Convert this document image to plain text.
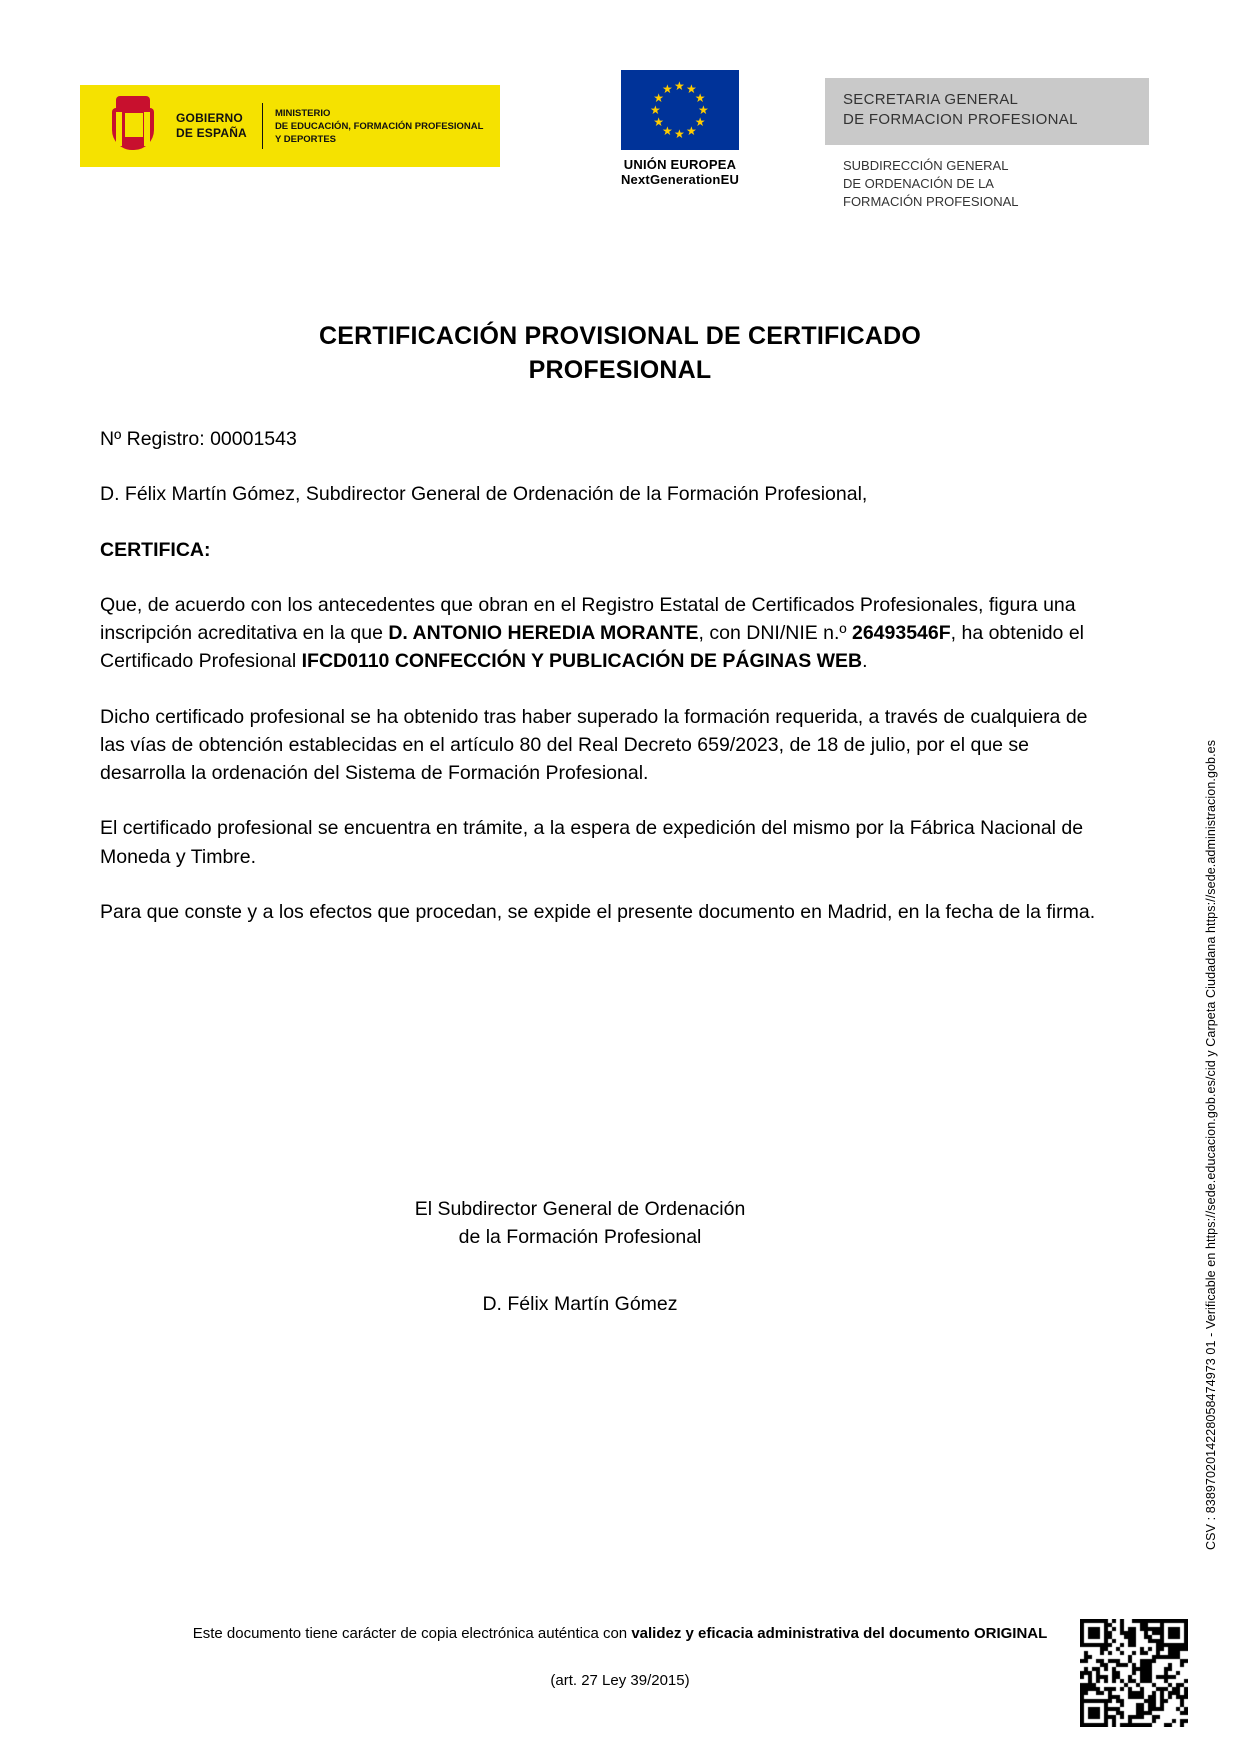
GOBIERNO
DE ESPAÑA
MINISTERIO
DE EDUCACIÓN, FORMACIÓN PROFESIONAL
Y DEPORTES
★ ★
★
★
★
★
★
★
★
★
★
★
UNIÓN EUROPEA
NextGenerationEU
SECRETARIA GENERAL
DE FORMACION PROFESIONAL
SUBDIRECCIÓN GENERAL
DE ORDENACIÓN DE LA
FORMACIÓN PROFESIONAL
CERTIFICACIÓN PROVISIONAL DE CERTIFICADO
PROFESIONAL

Nº Registro: 00001543

D. Félix Martín Gómez, Subdirector General de Ordenación de la Formación Profesional,

CERTIFICA:

Que, de acuerdo con los antecedentes que obran en el Registro Estatal de Certificados Profesionales, figura una inscripción acreditativa en la que D. ANTONIO HEREDIA MORANTE, con DNI/NIE n.º 26493546F, ha obtenido el Certificado Profesional IFCD0110 CONFECCIÓN Y PUBLICACIÓN DE PÁGINAS WEB.

Dicho certificado profesional se ha obtenido tras haber superado la formación requerida, a través de cualquiera de las vías de obtención establecidas en el artículo 80 del Real Decreto 659/2023, de 18 de julio, por el que se desarrolla la ordenación del Sistema de Formación Profesional.

El certificado profesional se encuentra en trámite, a la espera de expedición del mismo por la Fábrica Nacional de Moneda y Timbre.

Para que conste y a los efectos que procedan, se expide el presente documento en Madrid, en la fecha de la firma.

El Subdirector General de Ordenación
de la Formación Profesional
D. Félix Martín Gómez	CSV : 8389702014228058474973 01 - Verificable en https://sede.educacion.gob.es/cid y Carpeta Ciudadana https://sede.administracion.gob.es
Este documento tiene carácter de copia electrónica auténtica con validez y eficacia administrativa del documento ORIGINAL
(art. 27 Ley 39/2015)
